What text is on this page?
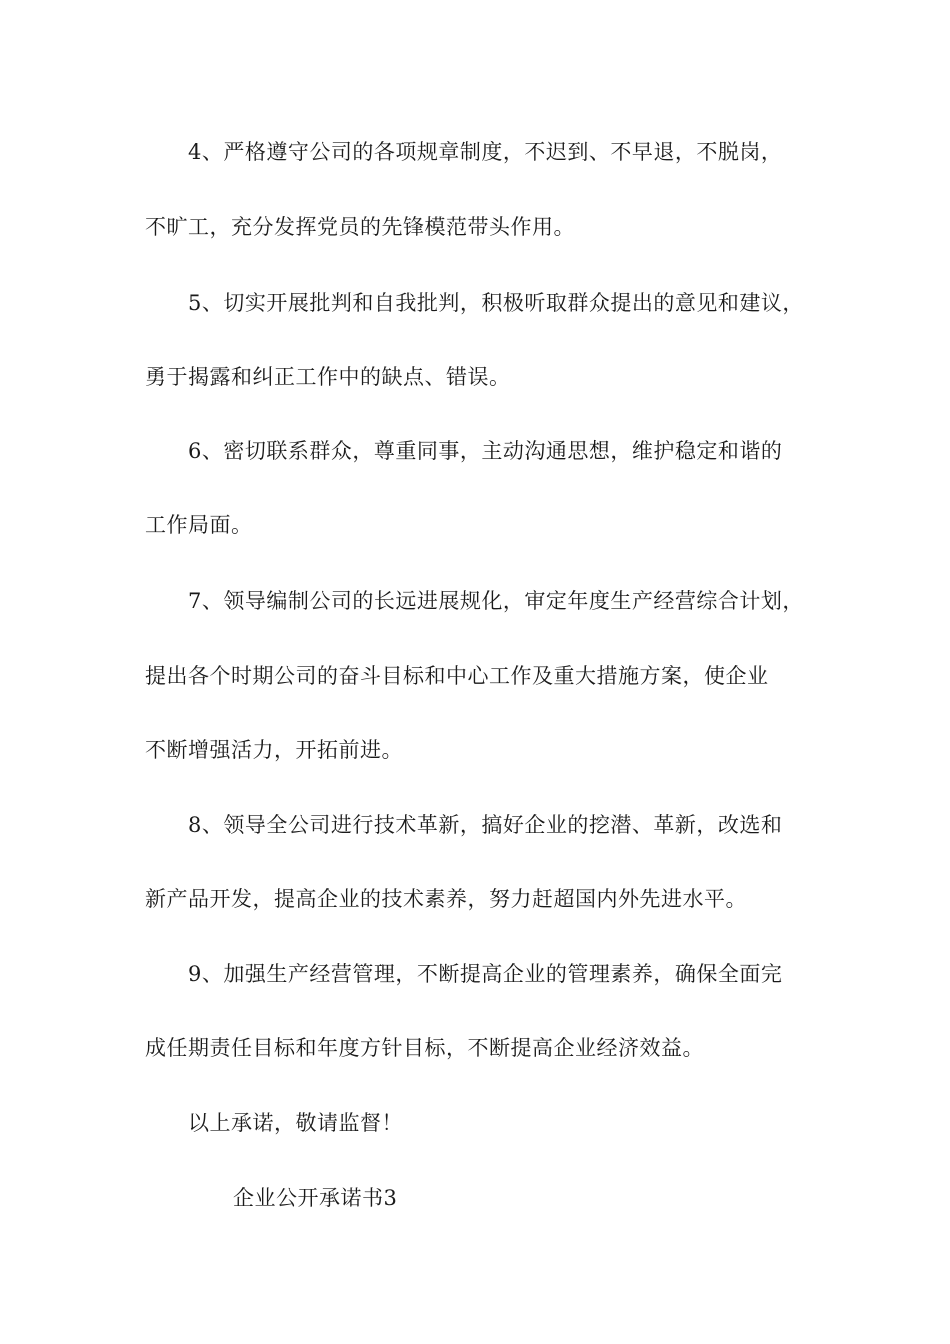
4、严格遵守公司的各项规章制度，不迟到、不早退，不脱岗，
不旷工，充分发挥党员的先锋模范带头作用。
5、切实开展批判和自我批判，积极听取群众提出的意见和建议，
勇于揭露和纠正工作中的缺点、错误。
6、密切联系群众，尊重同事，主动沟通思想，维护稳定和谐的
工作局面。
7、领导编制公司的长远进展规化，审定年度生产经营综合计划，
提出各个时期公司的奋斗目标和中心工作及重大措施方案，使企业
不断增强活力，开拓前进。
8、领导全公司进行技术革新，搞好企业的挖潜、革新，改选和
新产品开发，提高企业的技术素养，努力赶超国内外先进水平。
9、加强生产经营管理，不断提高企业的管理素养，确保全面完
成任期责任目标和年度方针目标，不断提高企业经济效益。
以上承诺，敬请监督！
企业公开承诺书3
